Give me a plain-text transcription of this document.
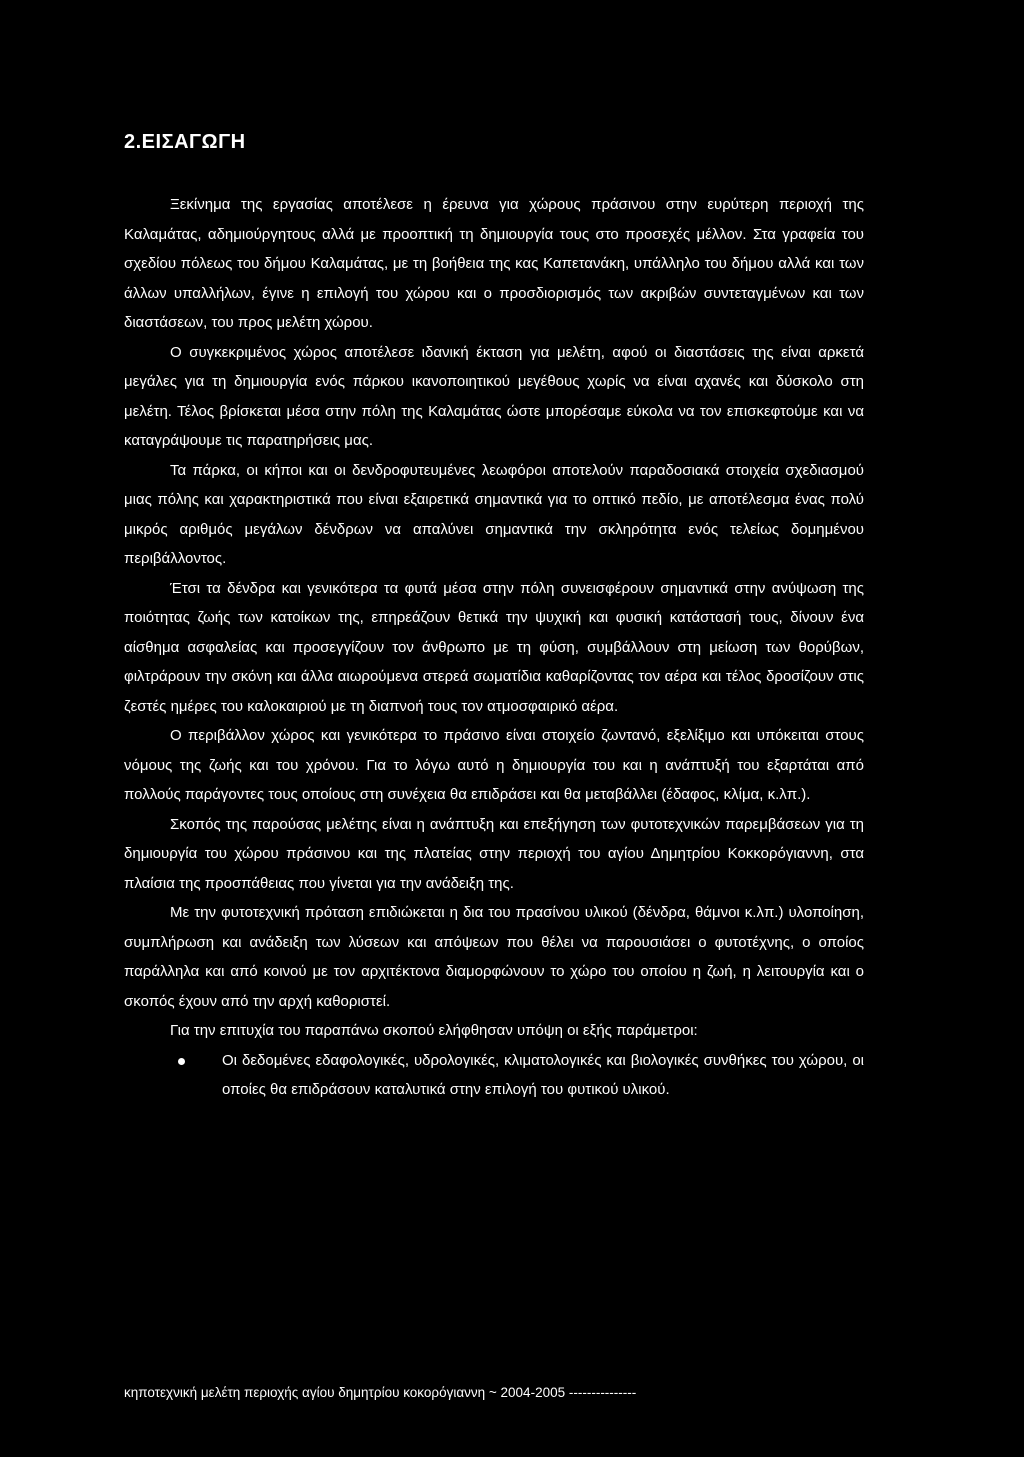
2.ΕΙΣΑΓΩΓΗ

Ξεκίνημα της εργασίας αποτέλεσε η έρευνα για χώρους πράσινου στην ευρύτερη περιοχή της Καλαμάτας, αδημιούργητους αλλά με προοπτική τη δημιουργία τους στο προσεχές μέλλον. Στα γραφεία του σχεδίου πόλεως του δήμου Καλαμάτας, με τη βοήθεια της κας Καπετανάκη, υπάλληλο του δήμου αλλά και των άλλων υπαλλήλων, έγινε η επιλογή του χώρου και ο προσδιορισμός των ακριβών συντεταγμένων και των διαστάσεων, του προς μελέτη χώρου.

Ο συγκεκριμένος χώρος αποτέλεσε ιδανική έκταση για μελέτη, αφού οι διαστάσεις της είναι αρκετά μεγάλες για τη δημιουργία ενός πάρκου ικανοποιητικού μεγέθους χωρίς να είναι αχανές και δύσκολο στη μελέτη. Τέλος βρίσκεται μέσα στην πόλη της Καλαμάτας ώστε μπορέσαμε εύκολα να τον επισκεφτούμε και να καταγράψουμε τις παρατηρήσεις μας.

Τα πάρκα, οι κήποι και οι δενδροφυτευμένες λεωφόροι αποτελούν παραδοσιακά στοιχεία σχεδιασμού μιας πόλης και χαρακτηριστικά που είναι εξαιρετικά σημαντικά για το οπτικό πεδίο, με αποτέλεσμα ένας πολύ μικρός αριθμός μεγάλων δένδρων να απαλύνει σημαντικά την σκληρότητα ενός τελείως δομημένου περιβάλλοντος.

Έτσι τα δένδρα και γενικότερα τα φυτά μέσα στην πόλη συνεισφέρουν σημαντικά στην ανύψωση της ποιότητας ζωής των κατοίκων της, επηρεάζουν θετικά την ψυχική και φυσική κατάστασή τους, δίνουν ένα αίσθημα ασφαλείας και προσεγγίζουν τον άνθρωπο με τη φύση, συμβάλλουν στη μείωση των θορύβων, φιλτράρουν την σκόνη και άλλα αιωρούμενα στερεά σωματίδια καθαρίζοντας τον αέρα και τέλος δροσίζουν στις ζεστές ημέρες του καλοκαιριού με τη διαπνοή τους τον ατμοσφαιρικό αέρα.

Ο περιβάλλον χώρος και γενικότερα το πράσινο είναι στοιχείο ζωντανό, εξελίξιμο και υπόκειται στους νόμους της ζωής και του χρόνου. Για το λόγω αυτό η δημιουργία του και η ανάπτυξή του εξαρτάται από πολλούς παράγοντες τους οποίους στη συνέχεια θα επιδράσει και θα μεταβάλλει (έδαφος, κλίμα, κ.λπ.).

Σκοπός της παρούσας μελέτης είναι η ανάπτυξη και επεξήγηση των φυτοτεχνικών παρεμβάσεων για τη δημιουργία του χώρου πράσινου και της πλατείας στην περιοχή του αγίου Δημητρίου Κοκκορόγιαννη, στα πλαίσια της προσπάθειας που γίνεται για την ανάδειξη της.

Με την φυτοτεχνική πρόταση επιδιώκεται η δια του πρασίνου υλικού (δένδρα, θάμνοι κ.λπ.) υλοποίηση, συμπλήρωση και ανάδειξη των λύσεων και απόψεων που θέλει να παρουσιάσει ο φυτοτέχνης, ο οποίος παράλληλα και από κοινού με τον αρχιτέκτονα διαμορφώνουν το χώρο του οποίου η ζωή, η λειτουργία και ο σκοπός έχουν από την αρχή καθοριστεί.

Για την επιτυχία του παραπάνω σκοπού ελήφθησαν υπόψη οι εξής παράμετροι:

Οι δεδομένες εδαφολογικές, υδρολογικές, κλιματολογικές και βιολογικές συνθήκες του χώρου, οι οποίες θα επιδράσουν καταλυτικά στην επιλογή του φυτικού υλικού.
κηποτεχνική μελέτη περιοχής αγίου δημητρίου κοκορόγιαννη ~ 2004-2005 ---------------
